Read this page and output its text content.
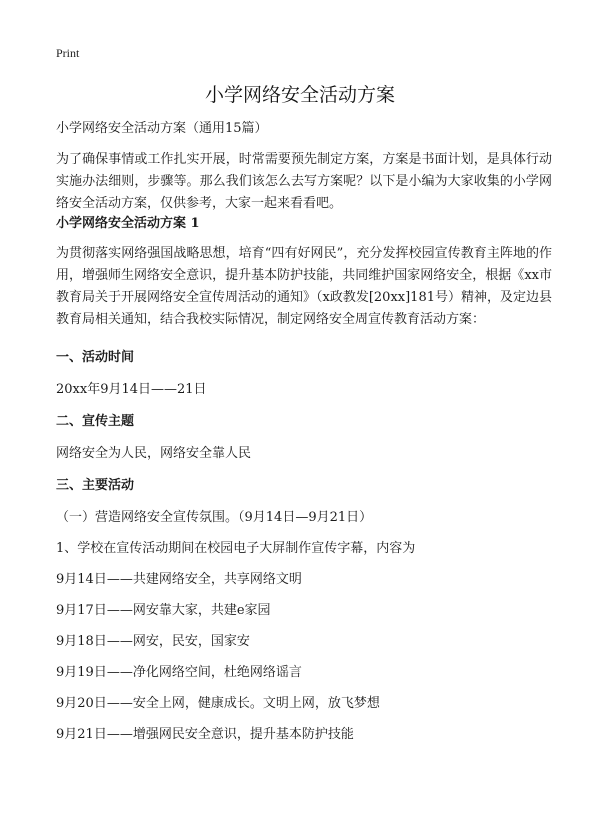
Print
小学网络安全活动方案

小学网络安全活动方案（通用15篇）

为了确保事情或工作扎实开展，时常需要预先制定方案，方案是书面计划，是具体行动实施办法细则，步骤等。那么我们该怎么去写方案呢？以下是小编为大家收集的小学网络安全活动方案，仅供参考，大家一起来看看吧。

小学网络安全活动方案 1

为贯彻落实网络强国战略思想，培育“四有好网民”，充分发挥校园宣传教育主阵地的作用，增强师生网络安全意识，提升基本防护技能，共同维护国家网络安全，根据《xx市教育局关于开展网络安全宣传周活动的通知》（x政教发[20xx]181号）精神，及定边县教育局相关通知，结合我校实际情况，制定网络安全周宣传教育活动方案：

一、活动时间

20xx年9月14日——21日

二、宣传主题

网络安全为人民，网络安全靠人民

三、主要活动

（一）营造网络安全宣传氛围。（9月14日—9月21日）

1、学校在宣传活动期间在校园电子大屏制作宣传字幕，内容为

9月14日——共建网络安全，共享网络文明

9月17日——网安靠大家，共建e家园

9月18日——网安，民安，国家安

9月19日——净化网络空间，杜绝网络谣言

9月20日——安全上网，健康成长。文明上网，放飞梦想

9月21日——增强网民安全意识，提升基本防护技能
